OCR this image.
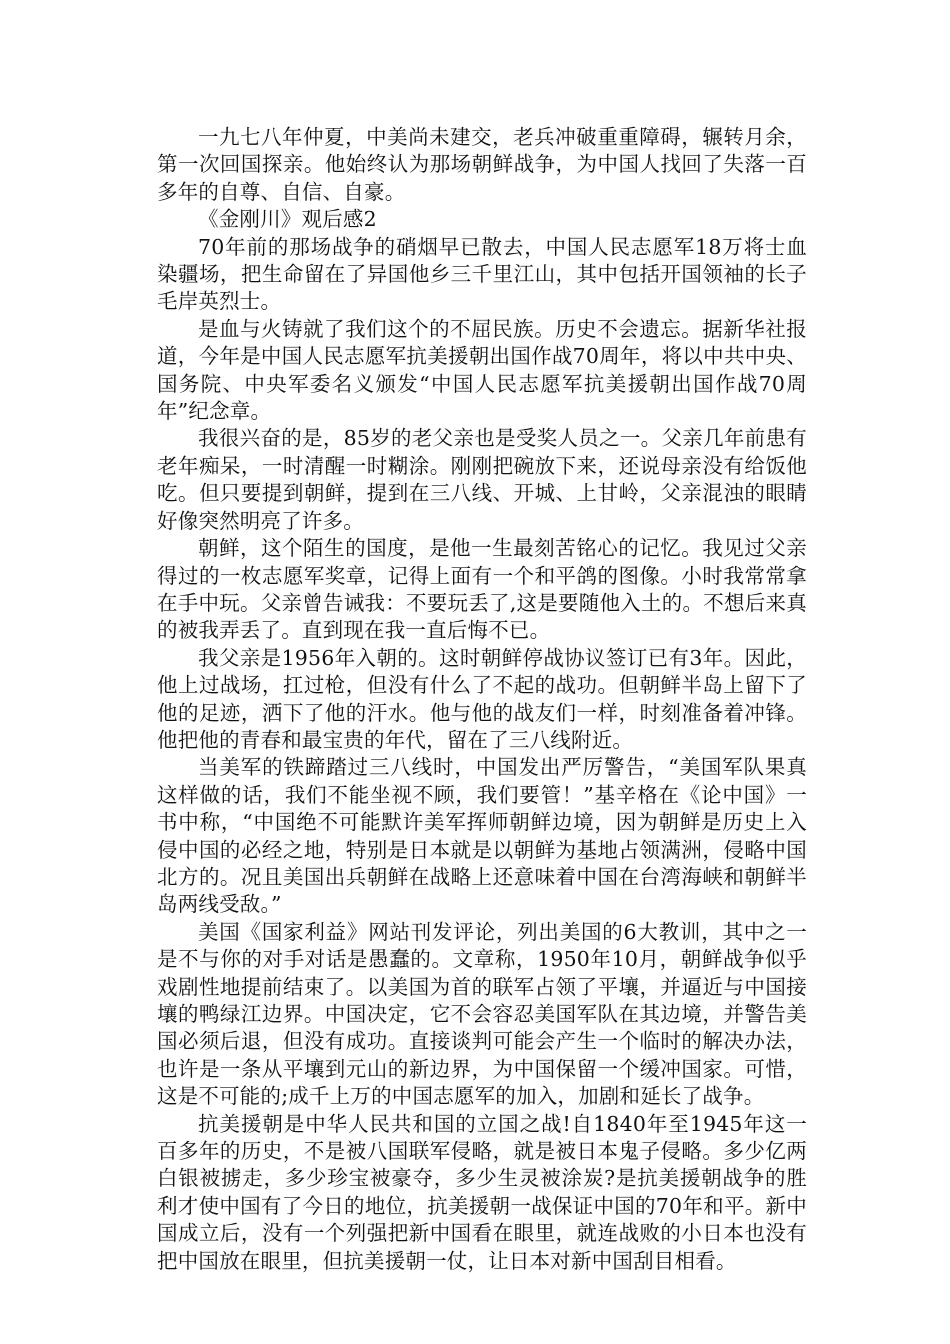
一九七八年仲夏，中美尚未建交，老兵冲破重重障碍，辗转月余，第一次回国探亲。他始终认为那场朝鲜战争，为中国人找回了失落一百多年的自尊、自信、自豪。

《金刚川》观后感2

70年前的那场战争的硝烟早已散去，中国人民志愿军18万将士血染疆场，把生命留在了异国他乡三千里江山，其中包括开国领袖的长子毛岸英烈士。

是血与火铸就了我们这个的不屈民族。历史不会遗忘。据新华社报道，今年是中国人民志愿军抗美援朝出国作战70周年，将以中共中央、国务院、中央军委名义颁发“中国人民志愿军抗美援朝出国作战70周年”纪念章。

我很兴奋的是，85岁的老父亲也是受奖人员之一。父亲几年前患有老年痴呆，一时清醒一时糊涂。刚刚把碗放下来，还说母亲没有给饭他吃。但只要提到朝鲜，提到在三八线、开城、上甘岭，父亲混浊的眼睛好像突然明亮了许多。

朝鲜，这个陌生的国度，是他一生最刻苦铭心的记忆。我见过父亲得过的一枚志愿军奖章，记得上面有一个和平鸽的图像。小时我常常拿在手中玩。父亲曾告诫我：不要玩丢了,这是要随他入土的。不想后来真的被我弄丢了。直到现在我一直后悔不已。

我父亲是1956年入朝的。这时朝鲜停战协议签订已有3年。因此，他上过战场，扛过枪，但没有什么了不起的战功。但朝鲜半岛上留下了他的足迹，洒下了他的汗水。他与他的战友们一样，时刻准备着冲锋。他把他的青春和最宝贵的年代，留在了三八线附近。

当美军的铁蹄踏过三八线时，中国发出严厉警告，“美国军队果真这样做的话，我们不能坐视不顾，我们要管！”基辛格在《论中国》一书中称，“中国绝不可能默许美军挥师朝鲜边境，因为朝鲜是历史上入侵中国的必经之地，特别是日本就是以朝鲜为基地占领满洲，侵略中国北方的。况且美国出兵朝鲜在战略上还意味着中国在台湾海峡和朝鲜半岛两线受敌。”

美国《国家利益》网站刊发评论，列出美国的6大教训，其中之一是不与你的对手对话是愚蠢的。文章称，1950年10月，朝鲜战争似乎戏剧性地提前结束了。以美国为首的联军占领了平壤，并逼近与中国接壤的鸭绿江边界。中国决定，它不会容忍美国军队在其边境，并警告美国必须后退，但没有成功。直接谈判可能会产生一个临时的解决办法，也许是一条从平壤到元山的新边界，为中国保留一个缓冲国家。可惜，这是不可能的;成千上万的中国志愿军的加入，加剧和延长了战争。

抗美援朝是中华人民共和国的立国之战!自1840年至1945年这一百多年的历史，不是被八国联军侵略，就是被日本鬼子侵略。多少亿两白银被掳走，多少珍宝被豪夺，多少生灵被涂炭?是抗美援朝战争的胜利才使中国有了今日的地位，抗美援朝一战保证中国的70年和平。新中国成立后，没有一个列强把新中国看在眼里，就连战败的小日本也没有把中国放在眼里，但抗美援朝一仗，让日本对新中国刮目相看。
